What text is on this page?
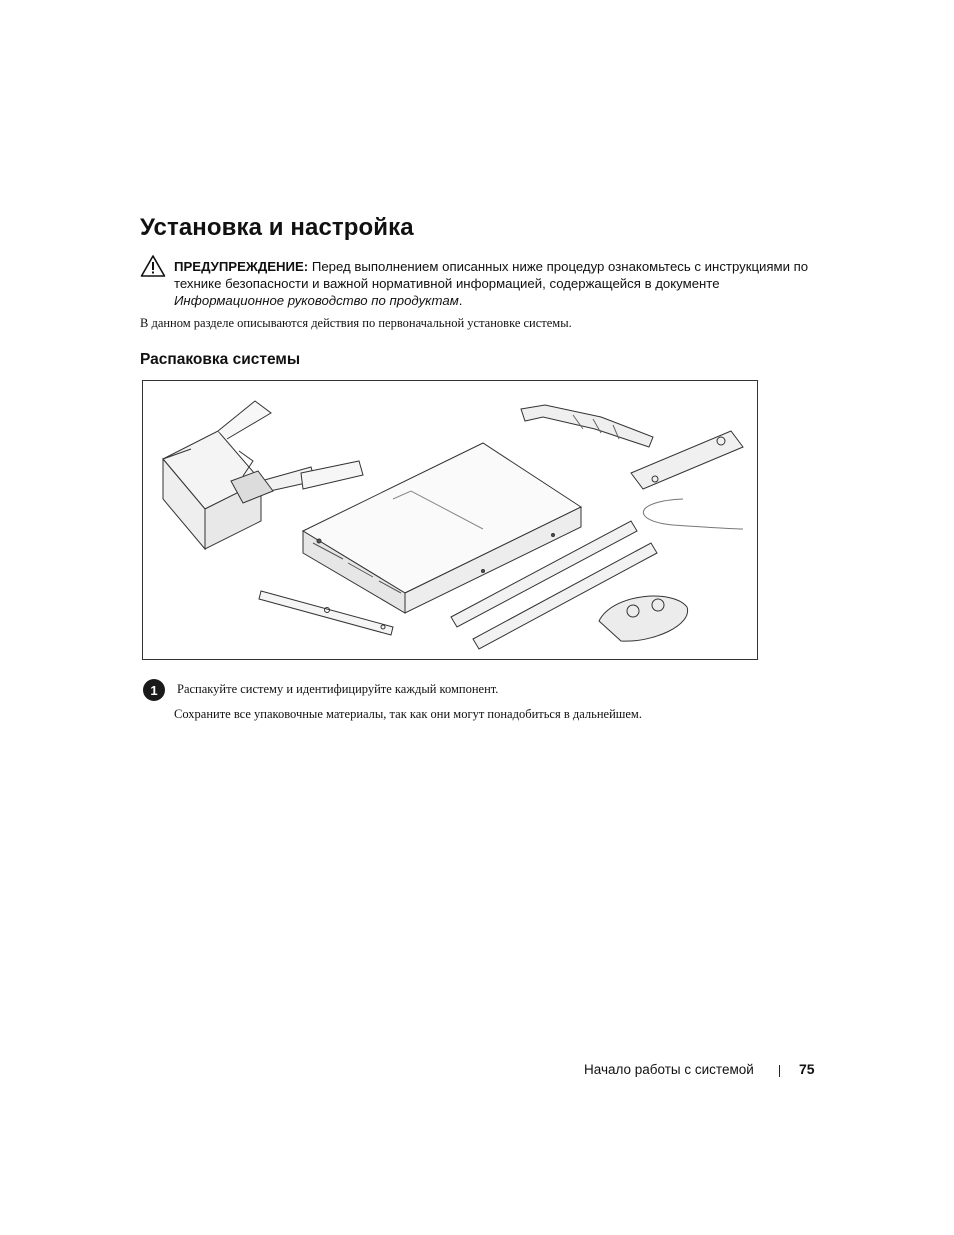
Установка и настройка
ПРЕДУПРЕЖДЕНИЕ: Перед выполнением описанных ниже процедур ознакомьтесь с инструкциями по технике безопасности и важной нормативной информацией, содержащейся в документе Информационное руководство по продуктам.
В данном разделе описываются действия по первоначальной установке системы.
Распаковка системы
1	Распакуйте систему и идентифицируйте каждый компонент.
Сохраните все упаковочные материалы, так как они могут понадобиться в дальнейшем.
Начало работы с системой	75
